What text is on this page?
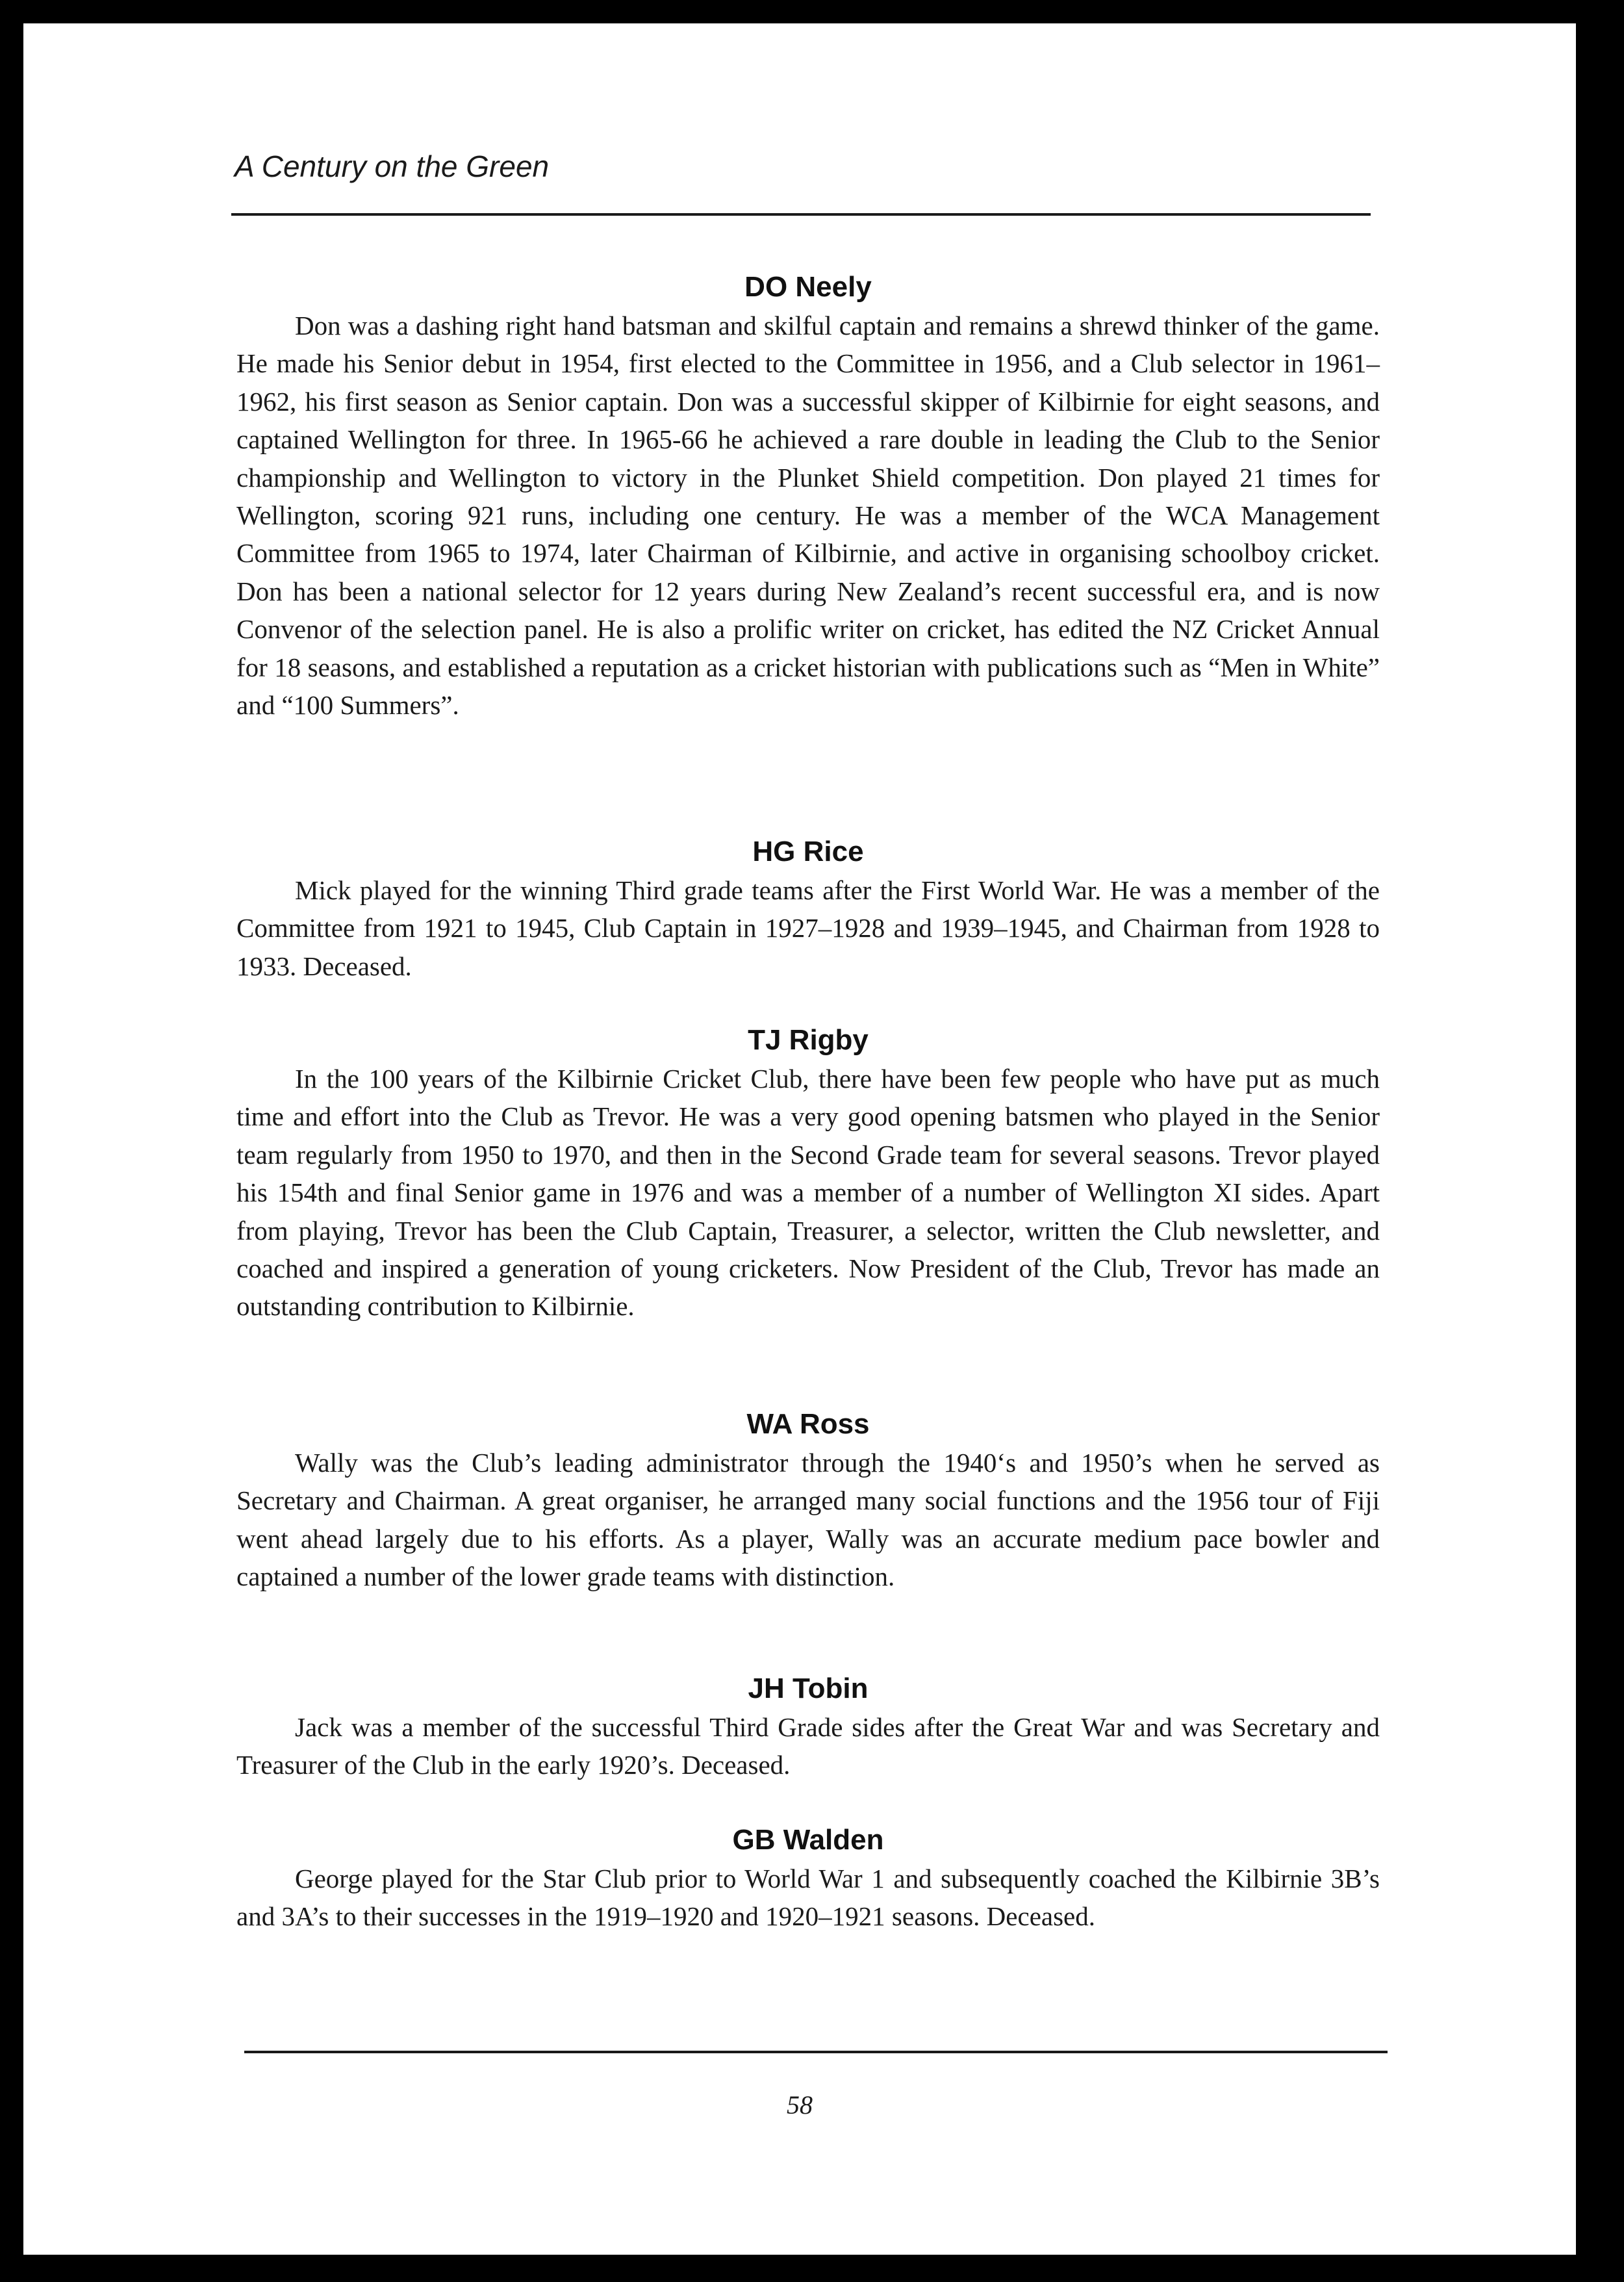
A Century on the Green
DO Neely

Don was a dashing right hand batsman and skilful captain and remains a shrewd thinker of the game. He made his Senior debut in 1954, first elected to the Committee in 1956, and a Club selector in 1961–1962, his first season as Senior captain. Don was a successful skipper of Kilbirnie for eight seasons, and captained Wellington for three. In 1965-66 he achieved a rare double in leading the Club to the Senior championship and Wellington to victory in the Plunket Shield competition. Don played 21 times for Wellington, scoring 921 runs, including one century. He was a member of the WCA Management Committee from 1965 to 1974, later Chairman of Kilbirnie, and active in organising schoolboy cricket. Don has been a national selector for 12 years during New Zealand’s recent successful era, and is now Convenor of the selection panel. He is also a prolific writer on cricket, has edited the NZ Cricket Annual for 18 seasons, and established a reputation as a cricket historian with publications such as “Men in White” and “100 Summers”.

HG Rice

Mick played for the winning Third grade teams after the First World War. He was a member of the Committee from 1921 to 1945, Club Captain in 1927–1928 and 1939–1945, and Chairman from 1928 to 1933. Deceased.

TJ Rigby

In the 100 years of the Kilbirnie Cricket Club, there have been few people who have put as much time and effort into the Club as Trevor. He was a very good opening batsmen who played in the Senior team regularly from 1950 to 1970, and then in the Second Grade team for several seasons. Trevor played his 154th and final Senior game in 1976 and was a member of a number of Wellington XI sides. Apart from playing, Trevor has been the Club Captain, Treasurer, a selector, written the Club newsletter, and coached and inspired a generation of young cricketers. Now President of the Club, Trevor has made an outstanding contribution to Kilbirnie.

WA Ross

Wally was the Club’s leading administrator through the 1940‘s and 1950’s when he served as Secretary and Chairman. A great organiser, he arranged many social functions and the 1956 tour of Fiji went ahead largely due to his efforts. As a player, Wally was an accurate medium pace bowler and captained a number of the lower grade teams with distinction.

JH Tobin

Jack was a member of the successful Third Grade sides after the Great War and was Secretary and Treasurer of the Club in the early 1920’s. Deceased.

GB Walden

George played for the Star Club prior to World War 1 and subsequently coached the Kilbirnie 3B’s and 3A’s to their successes in the 1919–1920 and 1920–1921 seasons. Deceased.

58
